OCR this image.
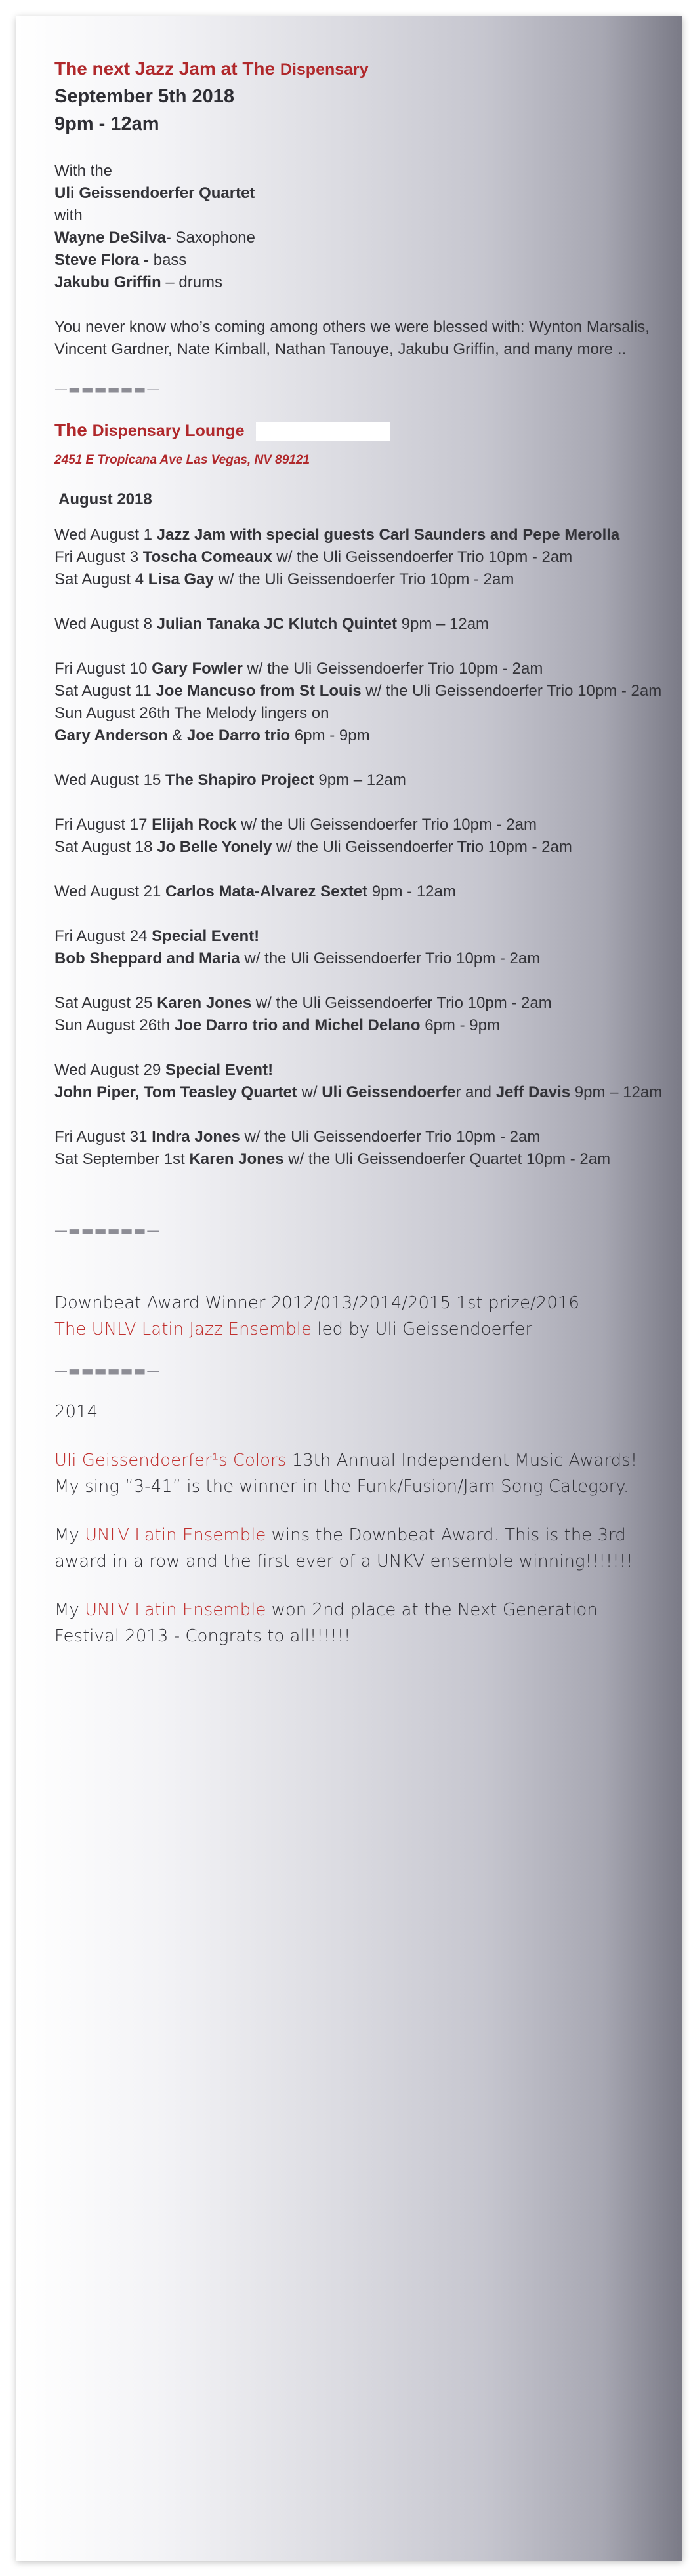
The next Jazz Jam at The Dispensary
September 5th 2018
9pm - 12am
With the
Uli Geissendoerfer Quartet
with
Wayne DeSilva- Saxophone
Steve Flora - bass
Jakubu Griffin – drums
You never know who’s coming among others we were blessed with: Wynton Marsalis, Vincent Gardner, Nate Kimball, Nathan Tanouye, Jakubu Griffin, and many more ..
—▬▬▬▬▬▬—
The Dispensary Lounge
2451 E Tropicana Ave Las Vegas, NV 89121
August 2018
Wed August 1 Jazz Jam with special guests Carl Saunders and Pepe Merolla
Fri August 3 Toscha Comeaux w/ the Uli Geissendoerfer Trio 10pm - 2am
Sat August 4 Lisa Gay w/ the Uli Geissendoerfer Trio 10pm - 2am
Wed August 8 Julian Tanaka JC Klutch Quintet 9pm – 12am
Fri August 10 Gary Fowler w/ the Uli Geissendoerfer Trio 10pm - 2am
Sat August 11 Joe Mancuso from St Louis w/ the Uli Geissendoerfer Trio 10pm - 2am
Sun August 26th The Melody lingers on
Gary Anderson & Joe Darro trio 6pm - 9pm
Wed August 15 The Shapiro Project 9pm – 12am
Fri August 17 Elijah Rock w/ the Uli Geissendoerfer Trio 10pm - 2am
Sat August 18 Jo Belle Yonely w/ the Uli Geissendoerfer Trio 10pm - 2am
Wed August 21 Carlos Mata-Alvarez Sextet 9pm - 12am
Fri August 24 Special Event!
Bob Sheppard and Maria w/ the Uli Geissendoerfer Trio 10pm - 2am
Sat August 25 Karen Jones w/ the Uli Geissendoerfer Trio 10pm - 2am
Sun August 26th Joe Darro trio and Michel Delano 6pm - 9pm
Wed August 29 Special Event!
John Piper, Tom Teasley Quartet w/ Uli Geissendoerfer and Jeff Davis 9pm – 12am
Fri August 31 Indra Jones w/ the Uli Geissendoerfer Trio 10pm - 2am
Sat September 1st Karen Jones w/ the Uli Geissendoerfer Quartet 10pm - 2am
—▬▬▬▬▬▬—
Downbeat Award Winner 2012/013/2014/2015 1st prize/2016
The UNLV Latin Jazz Ensemble led by Uli Geissendoerfer
—▬▬▬▬▬▬—
2014
Uli Geissendoerfer¹s Colors 13th Annual Independent Music Awards! My sing “3-41” is the winner in the Funk/Fusion/Jam Song Category.
My UNLV Latin Ensemble wins the Downbeat Award. This is the 3rd award in a row and the first ever of a UNKV ensemble winning!!!!!!!
My UNLV Latin Ensemble won 2nd place at the Next Generation Festival 2013 - Congrats to all!!!!!!
